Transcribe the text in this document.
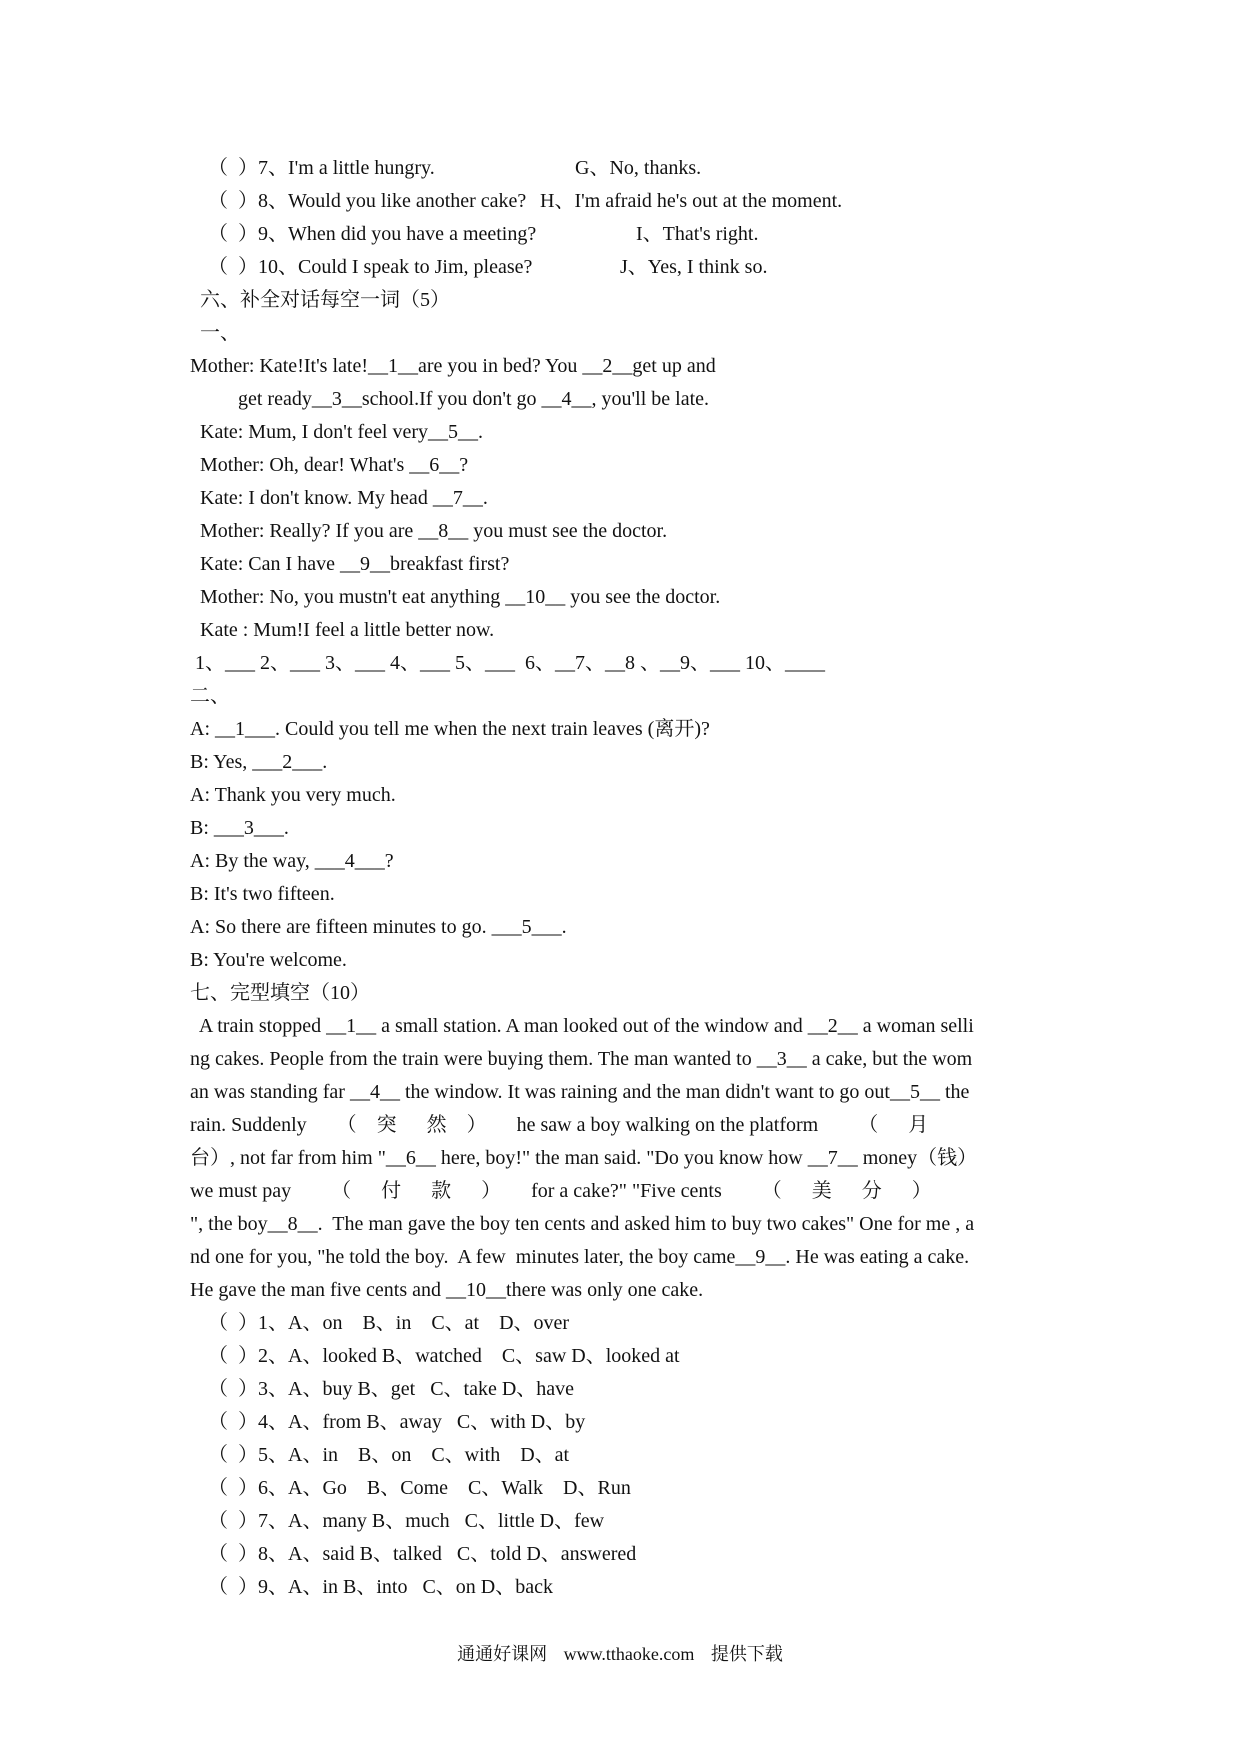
（  ）7、I'm a little hungry.	G、No, thanks.
（  ）8、Would you like another cake? H、I'm afraid he's out at the moment.
（  ）9、When did you have a meeting?	I、That's right.
（  ）10、Could I speak to Jim, please?	J、Yes, I think so.
六、补全对话每空一词（5）
一、
Mother: Kate!It's late!__1__are you in bed? You __2__get up and
get ready__3__school.If you don't go __4__, you'll be late.
Kate: Mum, I don't feel very__5__.
Mother: Oh, dear! What's __6__?
Kate: I don't know. My head __7__.
Mother: Really? If you are __8__ you must see the doctor.
Kate: Can I have __9__breakfast first?
Mother: No, you mustn't eat anything __10__ you see the doctor.
Kate : Mum!I feel a little better now.
1、___ 2、___ 3、___ 4、___ 5、___  6、__7、__8 、__9、___ 10、____
二、
A: __1___. Could you tell me when the next train leaves (离开)?
B: Yes, ___2___.
A: Thank you very much.
B: ___3___.
A: By the way, ___4___?
B: It's two fifteen.
A: So there are fifteen minutes to go. ___5___.
B: You're welcome.
七、完型填空（10）
A train stopped __1__ a small station. A man looked out of the window and __2__ a woman selli
ng cakes. People from the train were buying them. The man wanted to __3__ a cake, but the wom
an was standing far __4__ the window. It was raining and the man didn't want to go out__5__ the
rain. Suddenly      （    突      然    ）      he saw a boy walking on the platform        （      月
台）, not far from him "__6__ here, boy!" the man said. "Do you know how __7__ money（钱）
we must pay        （      付      款      ）      for a cake?" "Five cents        （      美      分      ）
", the boy__8__.  The man gave the boy ten cents and asked him to buy two cakes" One for me , a
nd one for you, "he told the boy.  A few  minutes later, the boy came__9__. He was eating a cake.
He gave the man five cents and __10__there was only one cake.
（  ）1、A、on    B、in    C、at    D、over
（  ）2、A、looked B、watched    C、saw D、looked at
（  ）3、A、buy B、get   C、take D、have
（  ）4、A、from B、away   C、with D、by
（  ）5、A、in    B、on    C、with    D、at
（  ）6、A、Go    B、Come    C、Walk    D、Run
（  ）7、A、many B、much   C、little D、few
（  ）8、A、said B、talked   C、told D、answered
（  ）9、A、in B、into   C、on D、back
通通好课网 www.tthaoke.com 提供下载
